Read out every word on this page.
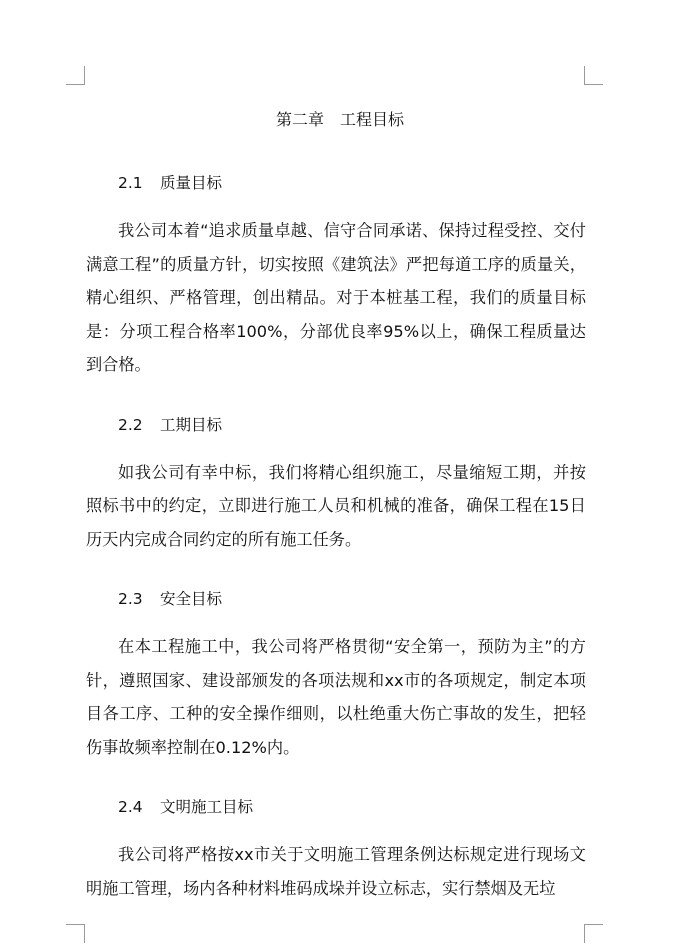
第二章　工程目标
2.1 质量目标

我公司本着“追求质量卓越、信守合同承诺、保持过程受控、交付满意工程”的质量方针，切实按照《建筑法》严把每道工序的质量关，精心组织、严格管理，创出精品。对于本桩基工程，我们的质量目标是：分项工程合格率100%，分部优良率95%以上，确保工程质量达到合格。

2.2 工期目标

如我公司有幸中标，我们将精心组织施工，尽量缩短工期，并按照标书中的约定，立即进行施工人员和机械的准备，确保工程在15日历天内完成合同约定的所有施工任务。

2.3 安全目标

在本工程施工中，我公司将严格贯彻“安全第一，预防为主”的方针，遵照国家、建设部颁发的各项法规和xx市的各项规定，制定本项目各工序、工种的安全操作细则，以杜绝重大伤亡事故的发生，把轻伤事故频率控制在0.12%内。

2.4 文明施工目标

我公司将严格按xx市关于文明施工管理条例达标规定进行现场文明施工管理，场内各种材料堆码成垛并设立标志，实行禁烟及无垃
